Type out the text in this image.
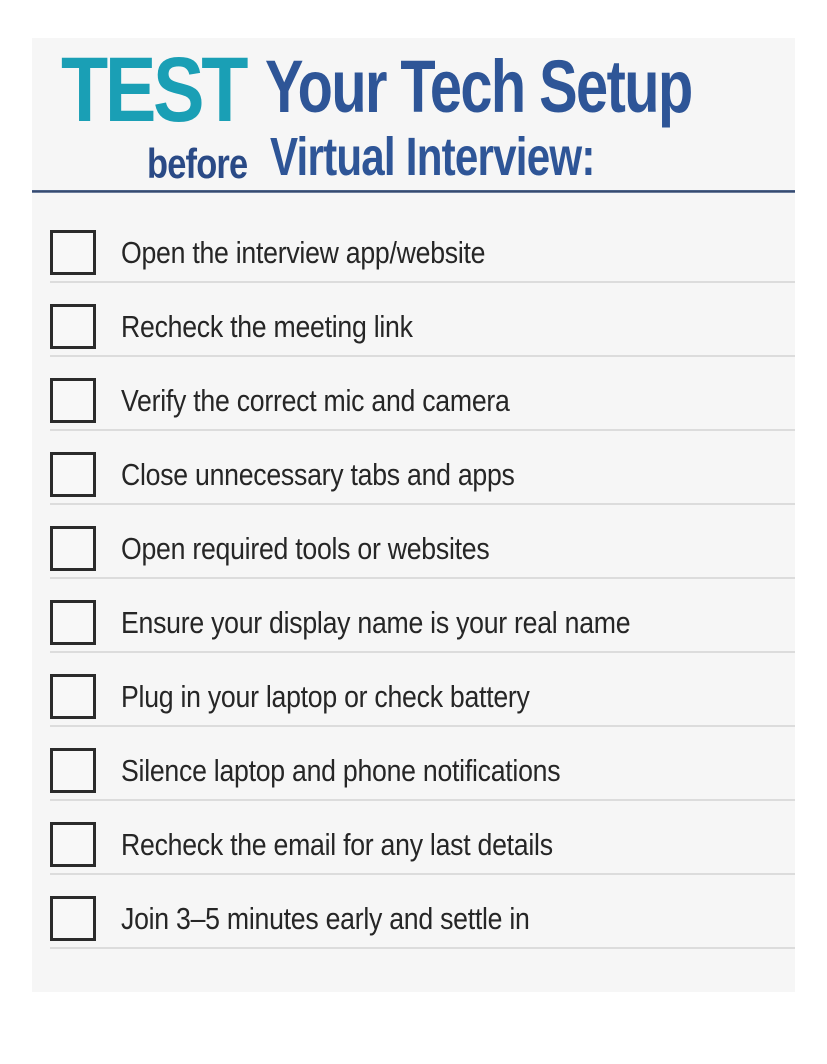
TEST Your Tech Setup
before Virtual Interview:
Open the interview app/website
Recheck the meeting link
Verify the correct mic and camera
Close unnecessary tabs and apps
Open required tools or websites
Ensure your display name is your real name
Plug in your laptop or check battery
Silence laptop and phone notifications
Recheck the email for any last details
Join 3–5 minutes early and settle in
